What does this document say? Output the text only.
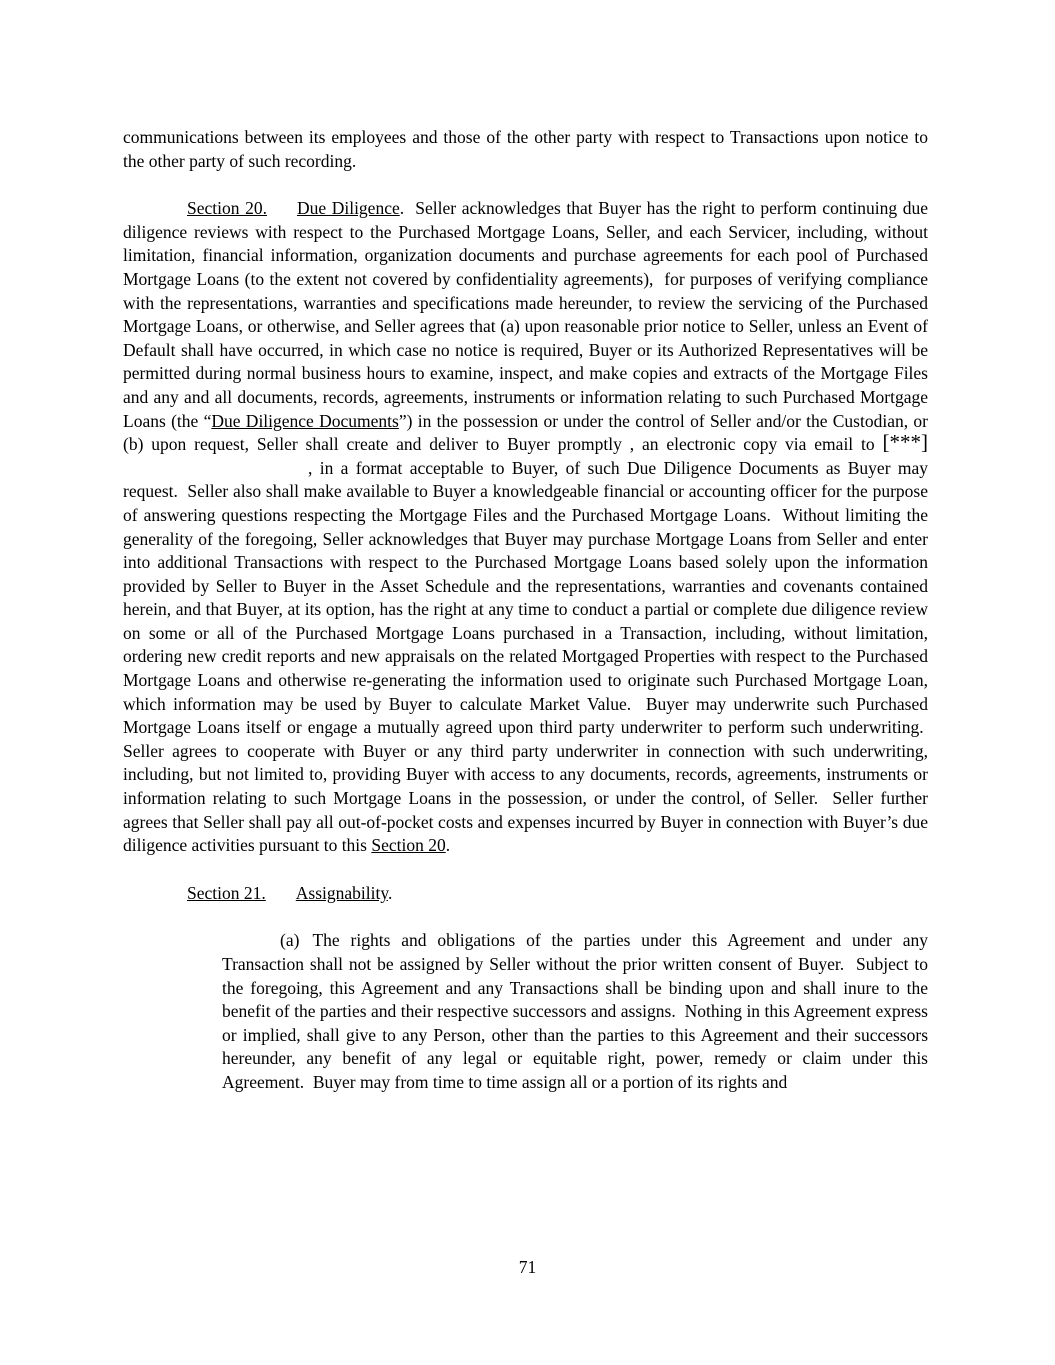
communications between its employees and those of the other party with respect to Transactions upon notice to the other party of such recording.

Section 20. Due Diligence.  Seller acknowledges that Buyer has the right to perform continuing due diligence reviews with respect to the Purchased Mortgage Loans, Seller, and each Servicer, including, without limitation, financial information, organization documents and purchase agreements for each pool of Purchased Mortgage Loans (to the extent not covered by confidentiality agreements),  for purposes of verifying compliance with the representations, warranties and specifications made hereunder, to review the servicing of the Purchased Mortgage Loans, or otherwise, and Seller agrees that (a) upon reasonable prior notice to Seller, unless an Event of Default shall have occurred, in which case no notice is required, Buyer or its Authorized Representatives will be permitted during normal business hours to examine, inspect, and make copies and extracts of the Mortgage Files and any and all documents, records, agreements, instruments or information relating to such Purchased Mortgage Loans (the “Due Diligence Documents”) in the possession or under the control of Seller and/or the Custodian, or (b) upon request, Seller shall create and deliver to Buyer promptly , an electronic copy via email to [***], in a format acceptable to Buyer, of such Due Diligence Documents as Buyer may request.  Seller also shall make available to Buyer a knowledgeable financial or accounting officer for the purpose of answering questions respecting the Mortgage Files and the Purchased Mortgage Loans.  Without limiting the generality of the foregoing, Seller acknowledges that Buyer may purchase Mortgage Loans from Seller and enter into additional Transactions with respect to the Purchased Mortgage Loans based solely upon the information provided by Seller to Buyer in the Asset Schedule and the representations, warranties and covenants contained herein, and that Buyer, at its option, has the right at any time to conduct a partial or complete due diligence review on some or all of the Purchased Mortgage Loans purchased in a Transaction, including, without limitation, ordering new credit reports and new appraisals on the related Mortgaged Properties with respect to the Purchased Mortgage Loans and otherwise re-generating the information used to originate such Purchased Mortgage Loan, which information may be used by Buyer to calculate Market Value.  Buyer may underwrite such Purchased Mortgage Loans itself or engage a mutually agreed upon third party underwriter to perform such underwriting.  Seller agrees to cooperate with Buyer or any third party underwriter in connection with such underwriting, including, but not limited to, providing Buyer with access to any documents, records, agreements, instruments or information relating to such Mortgage Loans in the possession, or under the control, of Seller.  Seller further agrees that Seller shall pay all out-of-pocket costs and expenses incurred by Buyer in connection with Buyer’s due diligence activities pursuant to this Section 20.

Section 21. Assignability.

(a) The rights and obligations of the parties under this Agreement and under any Transaction shall not be assigned by Seller without the prior written consent of Buyer.  Subject to the foregoing, this Agreement and any Transactions shall be binding upon and shall inure to the benefit of the parties and their respective successors and assigns.  Nothing in this Agreement express or implied, shall give to any Person, other than the parties to this Agreement and their successors hereunder, any benefit of any legal or equitable right, power, remedy or claim under this Agreement.  Buyer may from time to time assign all or a portion of its rights and

71
